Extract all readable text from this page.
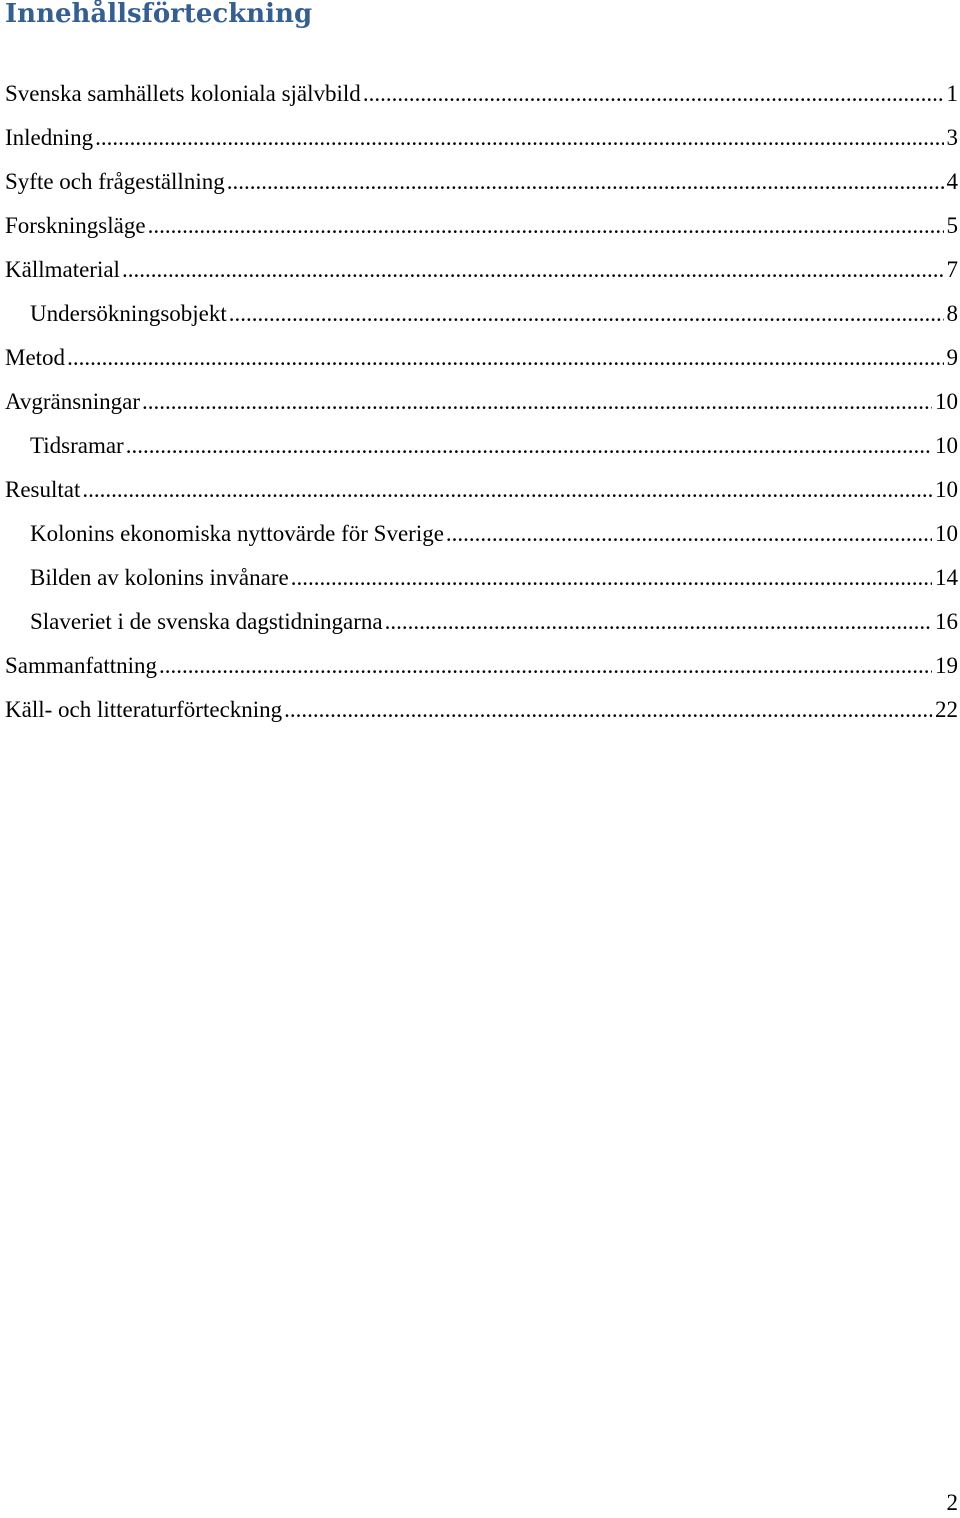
Innehållsförteckning
Svenska samhällets koloniala självbild .....	1
Inledning .....	3
Syfte och frågeställning .....	4
Forskningsläge .....	5
Källmaterial .....	7
Undersökningsobjekt .....	8
Metod .....	9
Avgränsningar .....	10
Tidsramar .....	10
Resultat .....	10
Kolonins ekonomiska nyttovärde för Sverige .....	10
Bilden av kolonins invånare .....	14
Slaveriet i de svenska dagstidningarna .....	16
Sammanfattning .....	19
Käll- och litteraturförteckning .....	22
2
